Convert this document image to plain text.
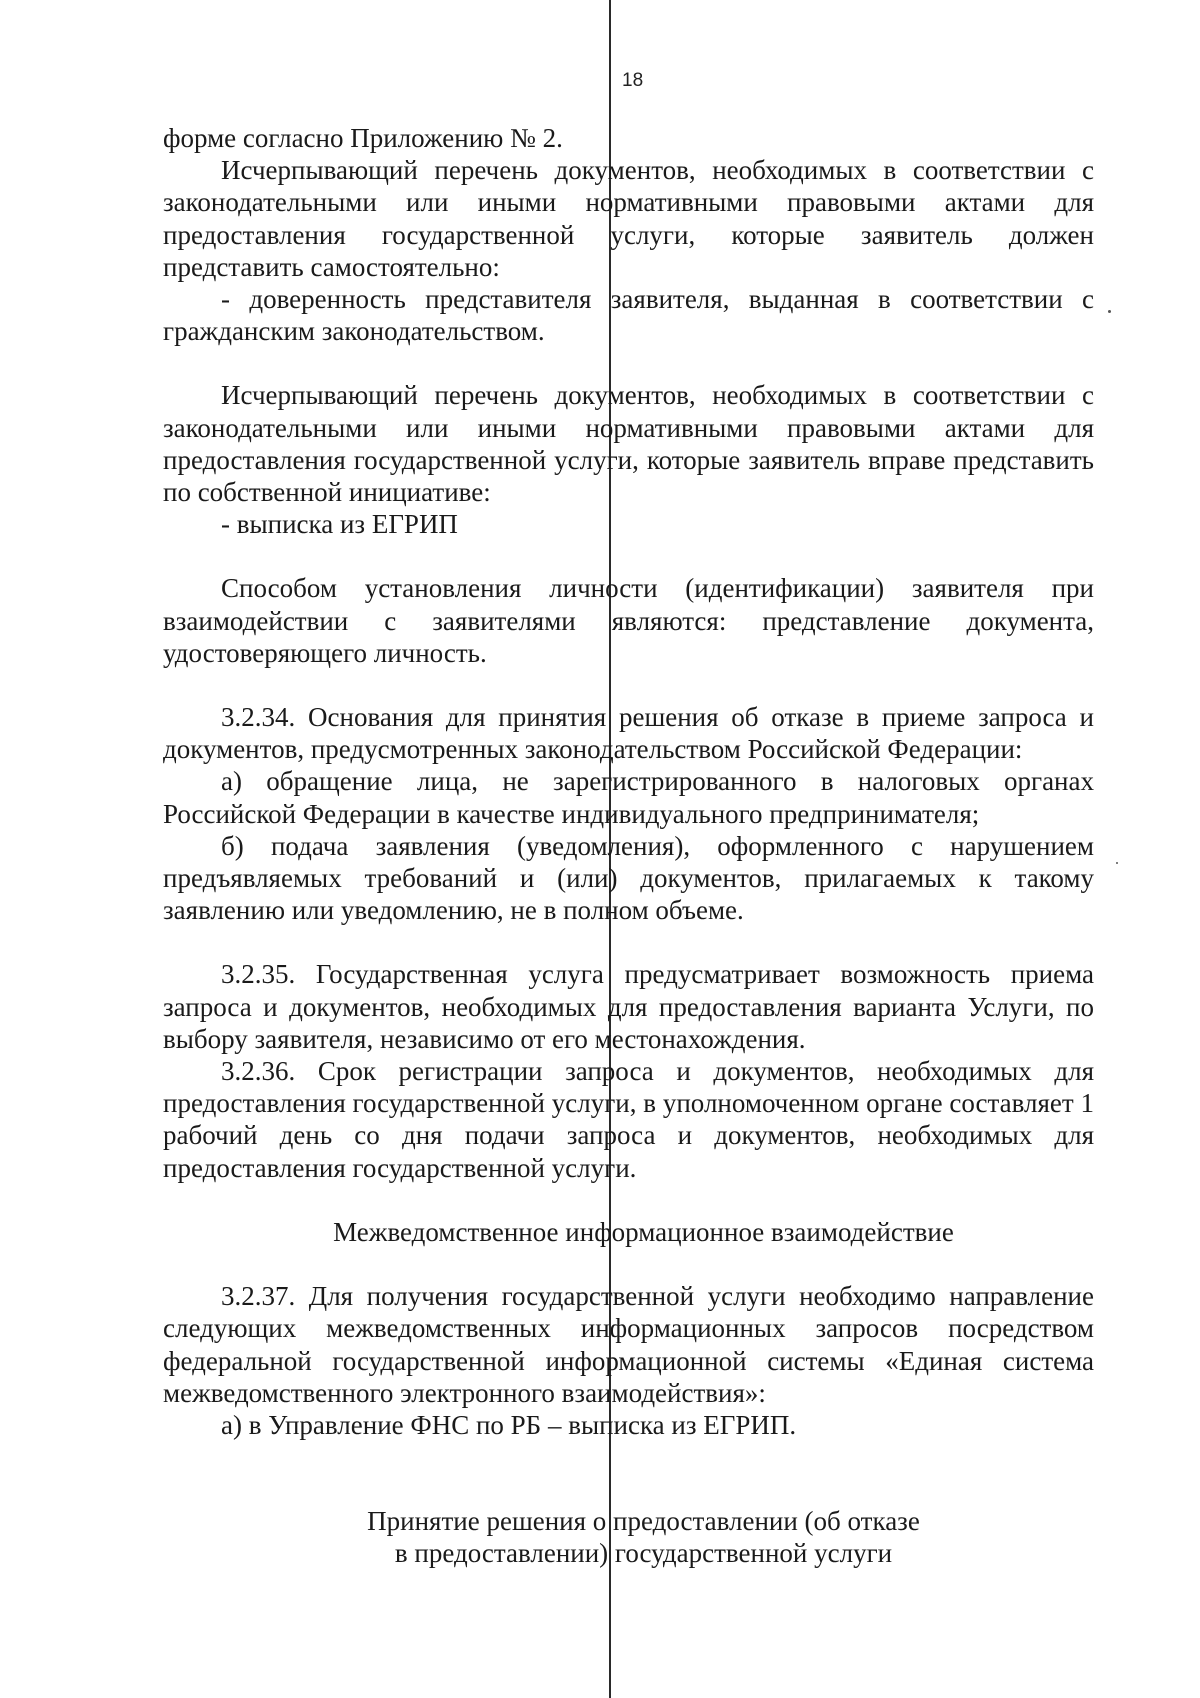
18

форме согласно Приложению № 2.

Исчерпывающий перечень документов, необходимых в соответствии с законодательными или иными нормативными правовыми актами для предоставления государственной услуги, которые заявитель должен представить самостоятельно:

- доверенность представителя заявителя, выданная в соответствии с гражданским законодательством.

Исчерпывающий перечень документов, необходимых в соответствии с законодательными или иными нормативными правовыми актами для предоставления государственной услуги, которые заявитель вправе представить по собственной инициативе:

- выписка из ЕГРИП

Способом установления личности (идентификации) заявителя при взаимодействии с заявителями являются: представление документа, удостоверяющего личность.

3.2.34. Основания для принятия решения об отказе в приеме запроса и документов, предусмотренных законодательством Российской Федерации:

а) обращение лица, не зарегистрированного в налоговых органах Российской Федерации в качестве индивидуального предпринимателя;

б) подача заявления (уведомления), оформленного с нарушением предъявляемых требований и (или) документов, прилагаемых к такому заявлению или уведомлению, не в полном объеме.

3.2.35. Государственная услуга предусматривает возможность приема запроса и документов, необходимых для предоставления варианта Услуги, по выбору заявителя, независимо от его местонахождения.

3.2.36. Срок регистрации запроса и документов, необходимых для предоставления государственной услуги, в уполномоченном органе составляет 1 рабочий день со дня подачи запроса и документов, необходимых для предоставления государственной услуги.

Межведомственное информационное взаимодействие

3.2.37. Для получения государственной услуги необходимо направление следующих межведомственных информационных запросов посредством федеральной государственной информационной системы «Единая система межведомственного электронного взаимодействия»:

а) в Управление ФНС по РБ – выписка из ЕГРИП.

Принятие решения о предоставлении (об отказе

в предоставлении) государственной услуги
